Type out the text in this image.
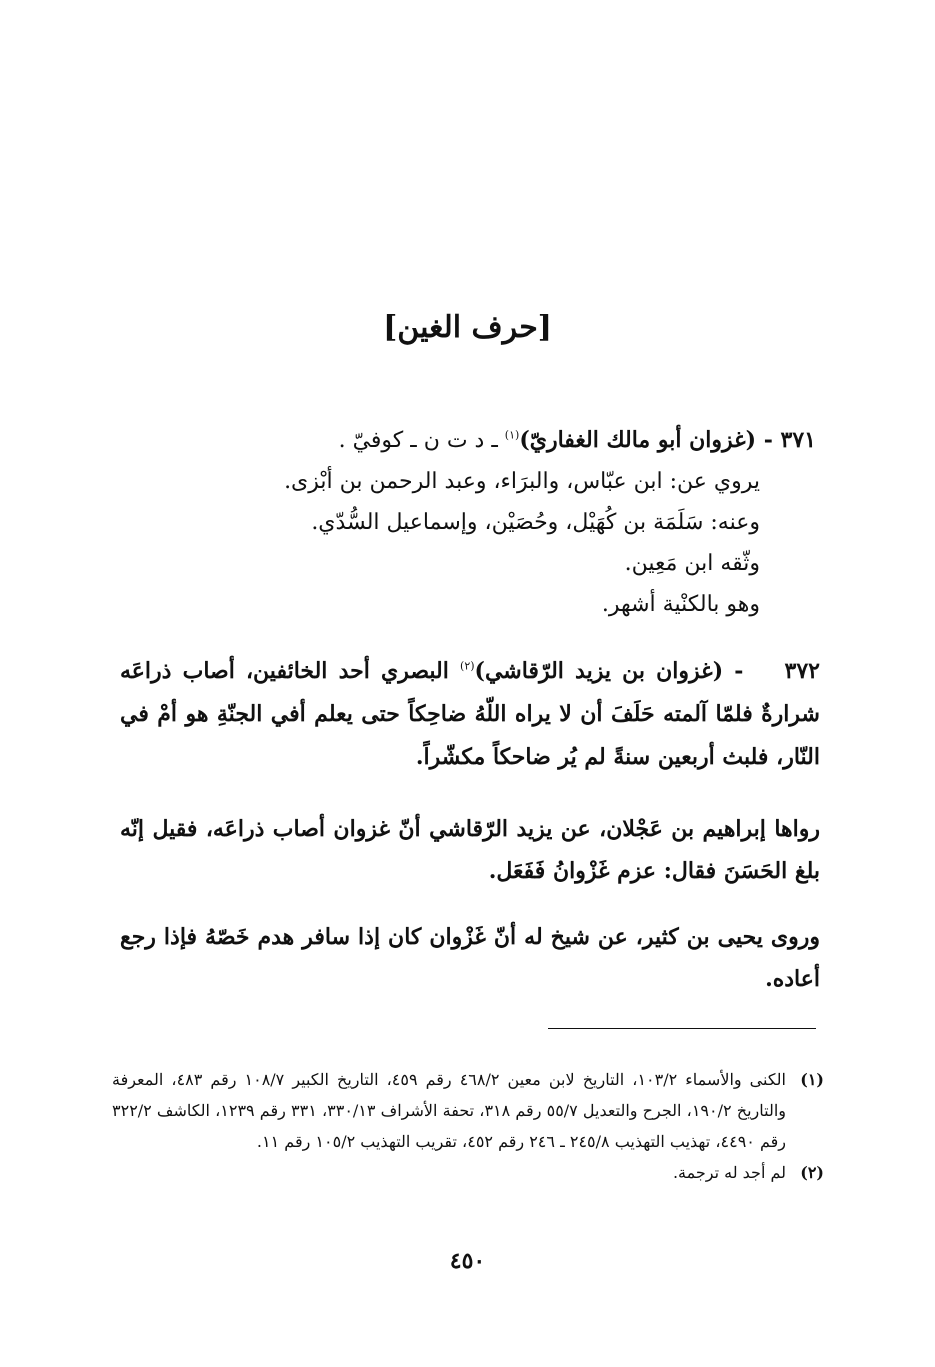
[حرف الغين]
٣٧١ - (غزوان أبو مالك الغفاريّ)$^{(١)}$ ـ د ت ن ـ كوفيّ .
يروي عن: ابن عبّاس، والبرَاء، وعبد الرحمن بن أبْزى.
وعنه: سَلَمَة بن كُهَيْل، وحُصَيْن، وإسماعيل السُّدّي.
وثّقه ابن مَعِين.
وهو بالكنْية أشهر.
٣٧٢ - (غزوان بن يزيد الرّقاشي)$^{(٢)}$ البصري أحد الخائفين، أصاب ذراعَه شرارةٌ فلمّا آلمته حَلَفَ أن لا يراه اللّهُ ضاحِكاً حتى يعلم أفي الجنّةِ هو أمْ في النّار، فلبث أربعين سنةً لم يُر ضاحكاً مكشّراً.
رواها إبراهيم بن عَجْلان، عن يزيد الرّقاشي أنّ غزوان أصاب ذراعَه، فقيل إنّه بلغ الحَسَنَ فقال: عزم غَزْوانُ فَفَعَل.
وروى يحيى بن كثير، عن شيخ له أنّ غَزْوان كان إذا سافر هدم خَصّهُ فإذا رجع أعاده.
(١)
الكنى والأسماء ١٠٣/٢، التاريخ لابن معين ٤٦٨/٢ رقم ٤٥٩، التاريخ الكبير ١٠٨/٧ رقم ٤٨٣، المعرفة والتاريخ ١٩٠/٢، الجرح والتعديل ٥٥/٧ رقم ٣١٨، تحفة الأشراف ٣٣٠/١٣، ٣٣١ رقم ١٢٣٩، الكاشف ٣٢٢/٢ رقم ٤٤٩٠، تهذيب التهذيب ٢٤٥/٨ ـ ٢٤٦ رقم ٤٥٢، تقريب التهذيب ١٠٥/٢ رقم ١١.
(٢)
لم أجد له ترجمة.
٤٥٠
